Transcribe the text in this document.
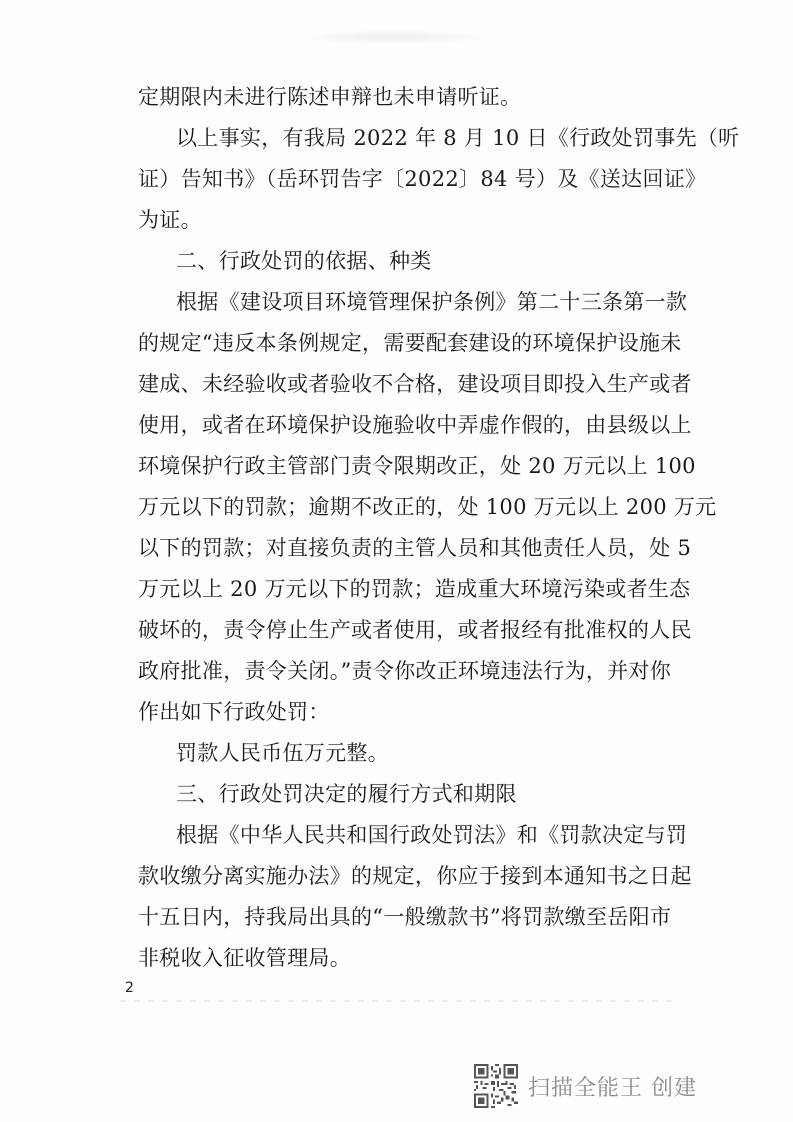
定期限内未进行陈述申辩也未申请听证。
以上事实，有我局 2022 年 8 月 10 日《行政处罚事先（听
证）告知书》（岳环罚告字〔2022〕84 号）及《送达回证》
为证。
二、行政处罚的依据、种类
根据《建设项目环境管理保护条例》第二十三条第一款
的规定“违反本条例规定，需要配套建设的环境保护设施未
建成、未经验收或者验收不合格，建设项目即投入生产或者
使用，或者在环境保护设施验收中弄虚作假的，由县级以上
环境保护行政主管部门责令限期改正，处 20 万元以上 100
万元以下的罚款；逾期不改正的，处 100 万元以上 200 万元
以下的罚款；对直接负责的主管人员和其他责任人员，处 5
万元以上 20 万元以下的罚款；造成重大环境污染或者生态
破坏的，责令停止生产或者使用，或者报经有批准权的人民
政府批准，责令关闭。”责令你改正环境违法行为，并对你
作出如下行政处罚：
罚款人民币伍万元整。
三、行政处罚决定的履行方式和期限
根据《中华人民共和国行政处罚法》和《罚款决定与罚
款收缴分离实施办法》的规定，你应于接到本通知书之日起
十五日内，持我局出具的“一般缴款书”将罚款缴至岳阳市
非税收入征收管理局。
2
扫描全能王 创建
